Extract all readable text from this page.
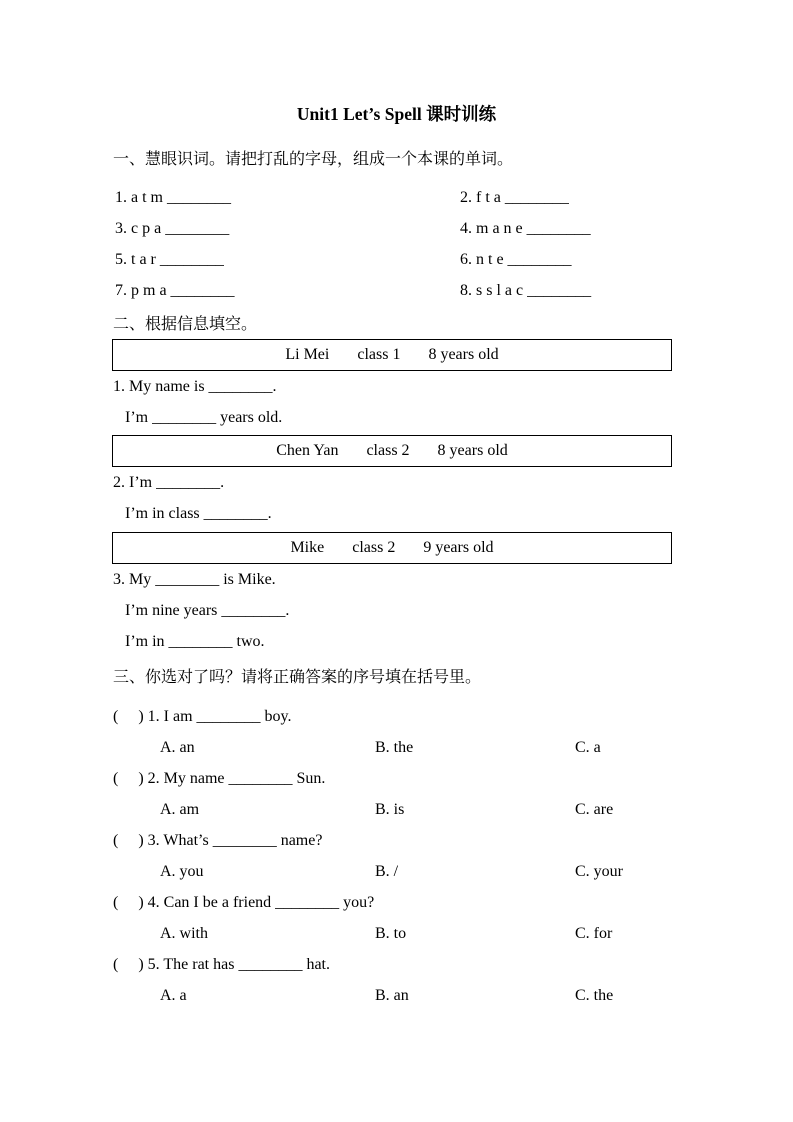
Unit1 Let’s Spell 课时训练
一、慧眼识词。请把打乱的字母，组成一个本课的单词。
1. a t m ________	2. f t a ________
3. c p a ________	4. m a n e ________
5. t a r ________	6. n t e ________
7. p m a ________	8. s s l a c ________
二、根据信息填空。
Li Mei       class 1       8 years old
1. My name is ________.
I’m ________ years old.
Chen Yan       class 2       8 years old
2. I’m ________.
I’m in class ________.
Mike       class 2       9 years old
3. My ________ is Mike.
I’m nine years ________.
I’m in ________ two.
三、你选对了吗？请将正确答案的序号填在括号里。
(     ) 1. I am ________ boy.
A. an	B. the	C. a
(     ) 2. My name ________ Sun.
A. am	B. is	C. are
(     ) 3. What’s ________ name?
A. you	B. /	C. your
(     ) 4. Can I be a friend ________ you?
A. with	B. to	C. for
(     ) 5. The rat has ________ hat.
A. a	B. an	C. the
